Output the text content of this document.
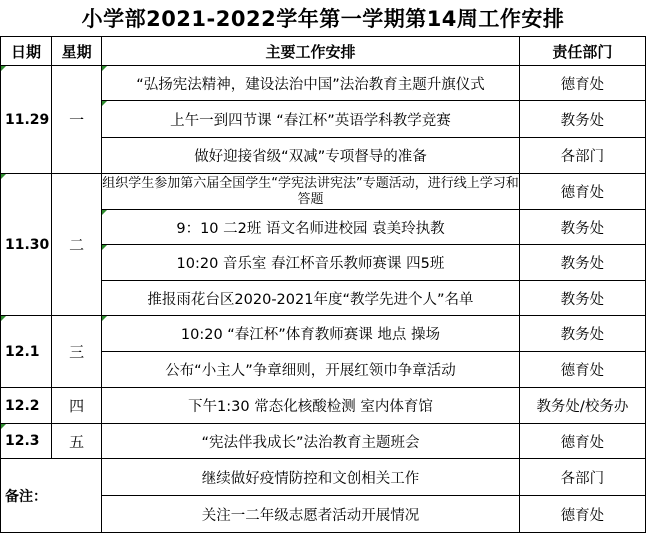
小学部2021-2022学年第一学期第14周工作安排
日期	星期	主要工作安排	责任部门
11.29	一	“弘扬宪法精神，建设法治中国”法治教育主题升旗仪式	德育处
		上午一到四节课 “春江杯”英语学科教学竞赛	教务处
		做好迎接省级“双减”专项督导的准备	各部门
11.30	二	组织学生参加第六届全国学生“学宪法讲宪法”专题活动，进行线上学习和答题	德育处
		9：10 二2班 语文名师进校园 袁美玲执教	教务处
		10:20 音乐室 春江杯音乐教师赛课 四5班	教务处
		推报雨花台区2020-2021年度“教学先进个人”名单	教务处
12.1	三	10:20 “春江杯”体育教师赛课 地点 操场	教务处
		公布“小主人”争章细则，开展红领巾争章活动	德育处
12.2	四	下午1:30 常态化核酸检测 室内体育馆	教务处/校务办
12.3	五	“宪法伴我成长”法治教育主题班会	德育处
备注：		继续做好疫情防控和文创相关工作	各部门
		关注一二年级志愿者活动开展情况	德育处
